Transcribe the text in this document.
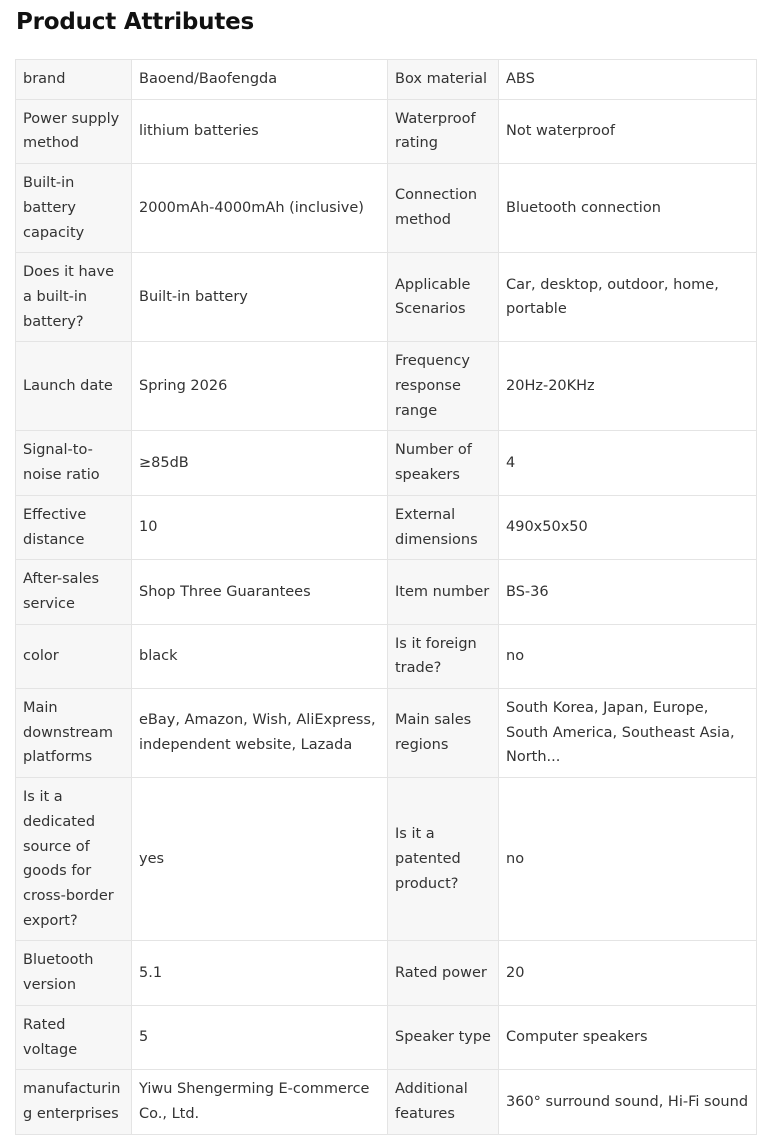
Product Attributes
brand	Baoend/Baofengda	Box material	ABS
Power supply method	lithium batteries	Waterproof rating	Not waterproof
Built-in battery capacity	2000mAh-4000mAh (inclusive)	Connection method	Bluetooth connection
Does it have a built-in battery?	Built-in battery	Applicable Scenarios	Car, desktop, outdoor, home, portable
Launch date	Spring 2026	Frequency response range	20Hz-20KHz
Signal-to-noise ratio	≥85dB	Number of speakers	4
Effective distance	10	External dimensions	490x50x50
After-sales service	Shop Three Guarantees	Item number	BS-36
color	black	Is it foreign trade?	no
Main downstream platforms	eBay, Amazon, Wish, AliExpress, independent website, Lazada	Main sales regions	South Korea, Japan, Europe, South America, Southeast Asia, North...
Is it a dedicated source of goods for cross-border export?	yes	Is it a patented product?	no
Bluetooth version	5.1	Rated power	20
Rated voltage	5	Speaker type	Computer speakers
manufacturing enterprises	Yiwu Shengerming E-commerce Co., Ltd.	Additional features	360° surround sound, Hi-Fi sound
